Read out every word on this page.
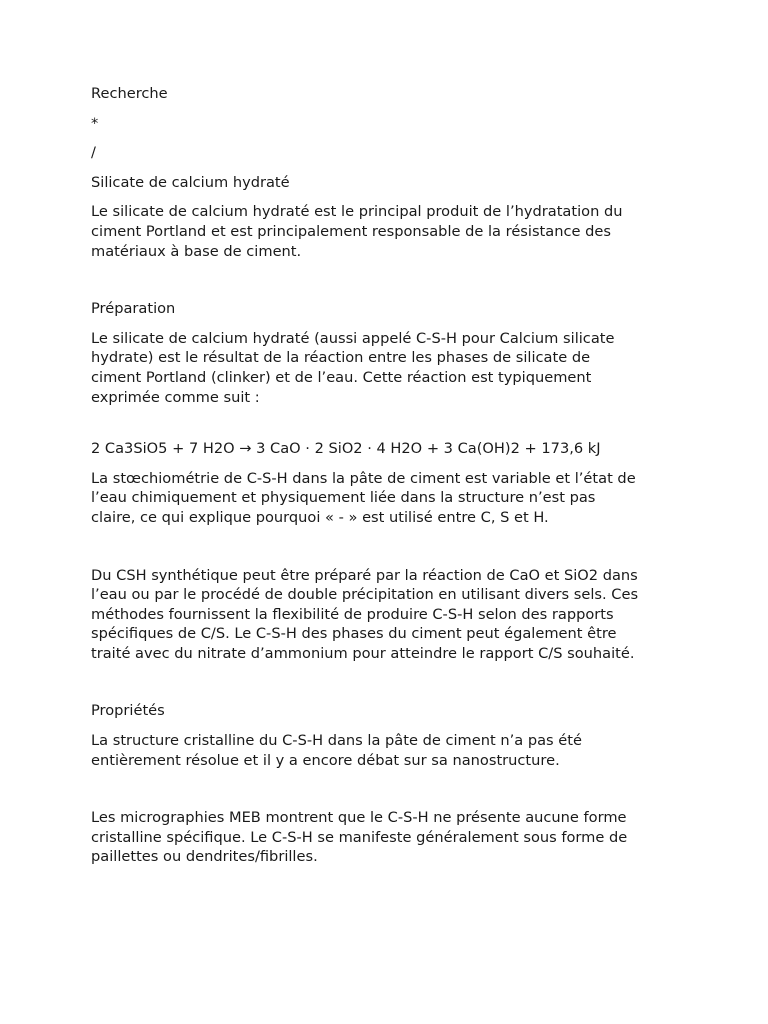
Recherche
*
/
Silicate de calcium hydraté
Le silicate de calcium hydraté est le principal produit de l’hydratation du
ciment Portland et est principalement responsable de la résistance des
matériaux à base de ciment.
Préparation
Le silicate de calcium hydraté (aussi appelé C-S-H pour Calcium silicate
hydrate) est le résultat de la réaction entre les phases de silicate de
ciment Portland (clinker) et de l’eau. Cette réaction est typiquement
exprimée comme suit :
2 Ca3SiO5 + 7 H2O → 3 CaO · 2 SiO2 · 4 H2O + 3 Ca(OH)2 + 173,6 kJ
La stœchiométrie de C-S-H dans la pâte de ciment est variable et l’état de
l’eau chimiquement et physiquement liée dans la structure n’est pas
claire, ce qui explique pourquoi « - » est utilisé entre C, S et H.
Du CSH synthétique peut être préparé par la réaction de CaO et SiO2 dans
l’eau ou par le procédé de double précipitation en utilisant divers sels. Ces
méthodes fournissent la flexibilité de produire C-S-H selon des rapports
spécifiques de C/S. Le C-S-H des phases du ciment peut également être
traité avec du nitrate d’ammonium pour atteindre le rapport C/S souhaité.
Propriétés
La structure cristalline du C-S-H dans la pâte de ciment n’a pas été
entièrement résolue et il y a encore débat sur sa nanostructure.
Les micrographies MEB montrent que le C-S-H ne présente aucune forme
cristalline spécifique. Le C-S-H se manifeste généralement sous forme de
paillettes ou dendrites/fibrilles.
